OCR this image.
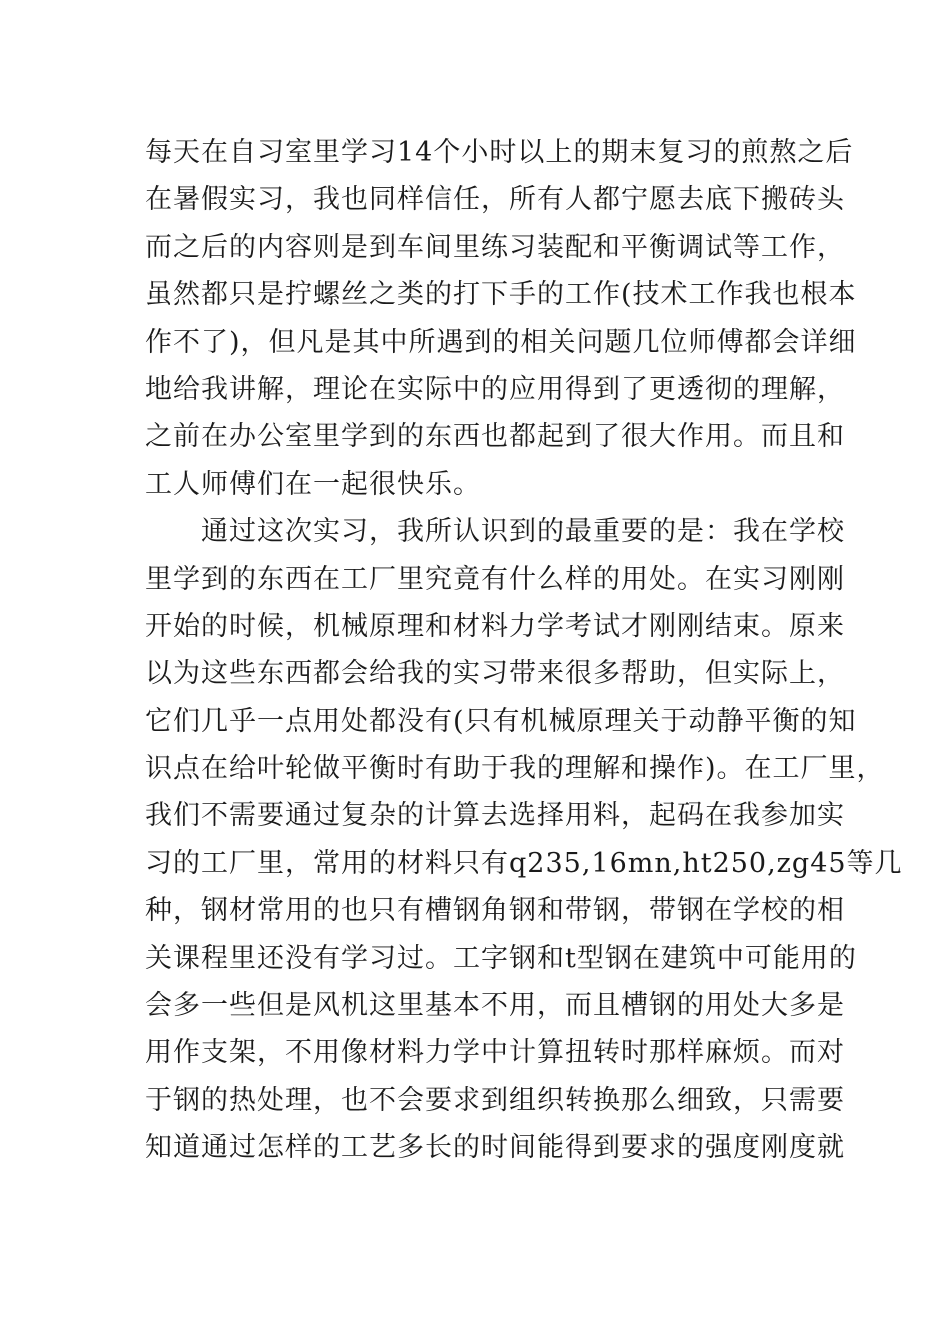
每天在自习室里学习14个小时以上的期末复习的煎熬之后
在暑假实习，我也同样信任，所有人都宁愿去底下搬砖头
而之后的内容则是到车间里练习装配和平衡调试等工作，
虽然都只是拧螺丝之类的打下手的工作(技术工作我也根本
作不了)，但凡是其中所遇到的相关问题几位师傅都会详细
地给我讲解，理论在实际中的应用得到了更透彻的理解，
之前在办公室里学到的东西也都起到了很大作用。而且和
工人师傅们在一起很快乐。
通过这次实习，我所认识到的最重要的是：我在学校
里学到的东西在工厂里究竟有什么样的用处。在实习刚刚
开始的时候，机械原理和材料力学考试才刚刚结束。原来
以为这些东西都会给我的实习带来很多帮助，但实际上，
它们几乎一点用处都没有(只有机械原理关于动静平衡的知
识点在给叶轮做平衡时有助于我的理解和操作)。在工厂里，
我们不需要通过复杂的计算去选择用料，起码在我参加实
习的工厂里，常用的材料只有q235,16mn,ht250,zg45等几
种，钢材常用的也只有槽钢角钢和带钢，带钢在学校的相
关课程里还没有学习过。工字钢和t型钢在建筑中可能用的
会多一些但是风机这里基本不用，而且槽钢的用处大多是
用作支架，不用像材料力学中计算扭转时那样麻烦。而对
于钢的热处理，也不会要求到组织转换那么细致，只需要
知道通过怎样的工艺多长的时间能得到要求的强度刚度就
